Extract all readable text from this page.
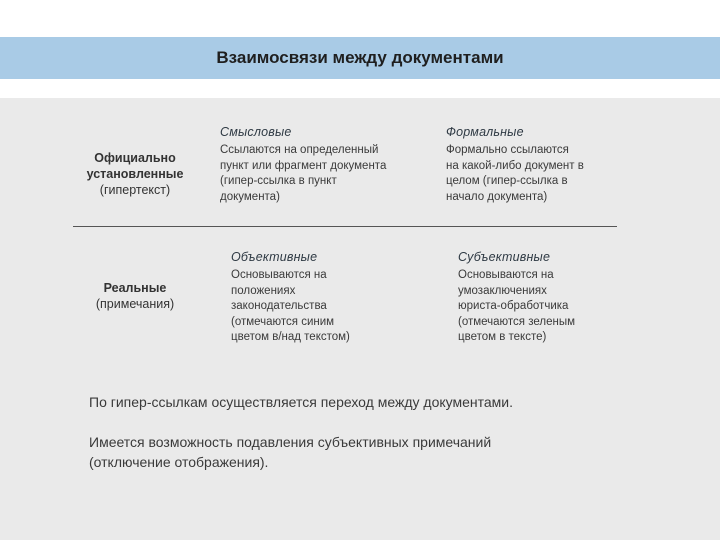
Взаимосвязи между документами
Официально
установленные
(гипертекст)
Смысловые
Ссылаются на определенный
пункт или фрагмент документа
(гипер-ссылка в пункт
документа)
Формальные
Формально ссылаются
на какой-либо документ в
целом (гипер-ссылка в
начало документа)
Реальные
(примечания)
Объективные
Основываются на
положениях
законодательства
(отмечаются синим
цветом в/над текстом)
Субъективные
Основываются на
умозаключениях
юриста-обработчика
(отмечаются зеленым
цветом в тексте)
По гипер-ссылкам осуществляется переход между документами.
Имеется возможность подавления субъективных примечаний
(отключение отображения).
